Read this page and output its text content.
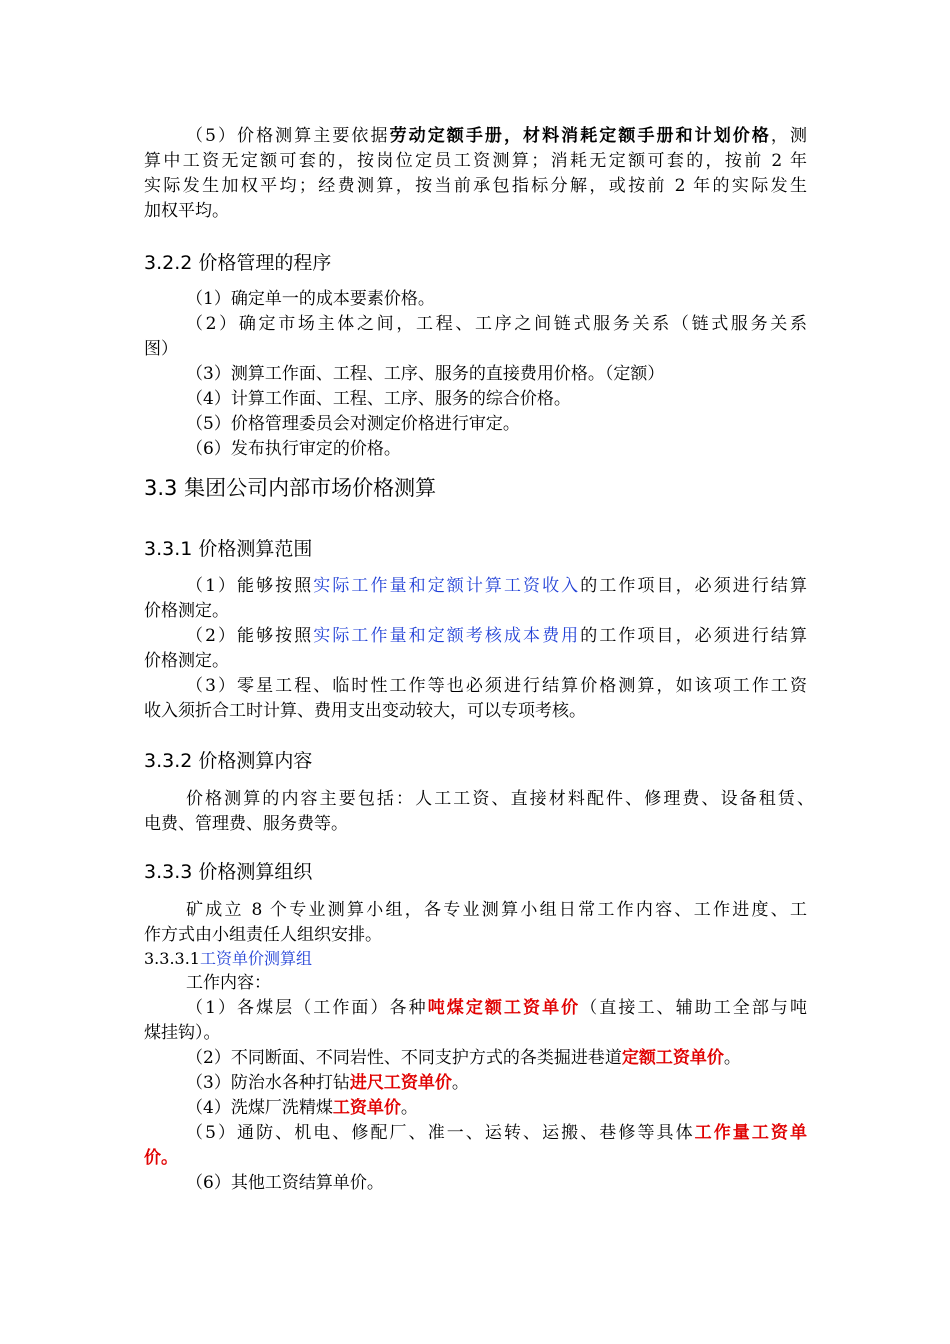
（5）价格测算主要依据劳动定额手册，材料消耗定额手册和计划价格，测
算中工资无定额可套的，按岗位定员工资测算；消耗无定额可套的，按前 2 年
实际发生加权平均；经费测算，按当前承包指标分解，或按前 2 年的实际发生
加权平均。
3.2.2 价格管理的程序
（1）确定单一的成本要素价格。
（2）确定市场主体之间，工程、工序之间链式服务关系（链式服务关系
图）
（3）测算工作面、工程、工序、服务的直接费用价格。（定额）
（4）计算工作面、工程、工序、服务的综合价格。
（5）价格管理委员会对测定价格进行审定。
（6）发布执行审定的价格。
3.3 集团公司内部市场价格测算
3.3.1 价格测算范围
（1）能够按照实际工作量和定额计算工资收入的工作项目，必须进行结算
价格测定。
（2）能够按照实际工作量和定额考核成本费用的工作项目，必须进行结算
价格测定。
（3）零星工程、临时性工作等也必须进行结算价格测算，如该项工作工资
收入须折合工时计算、费用支出变动较大，可以专项考核。
3.3.2 价格测算内容
价格测算的内容主要包括：人工工资、直接材料配件、修理费、设备租赁、
电费、管理费、服务费等。
3.3.3 价格测算组织
矿成立 8 个专业测算小组，各专业测算小组日常工作内容、工作进度、工
作方式由小组责任人组织安排。
3.3.3.1工资单价测算组
工作内容：
（1）各煤层（工作面）各种吨煤定额工资单价（直接工、辅助工全部与吨
煤挂钩）。
（2）不同断面、不同岩性、不同支护方式的各类掘进巷道定额工资单价。
（3）防治水各种打钻进尺工资单价。
（4）洗煤厂洗精煤工资单价。
（5）通防、机电、修配厂、准一、运转、运搬、巷修等具体工作量工资单
价。
（6）其他工资结算单价。
